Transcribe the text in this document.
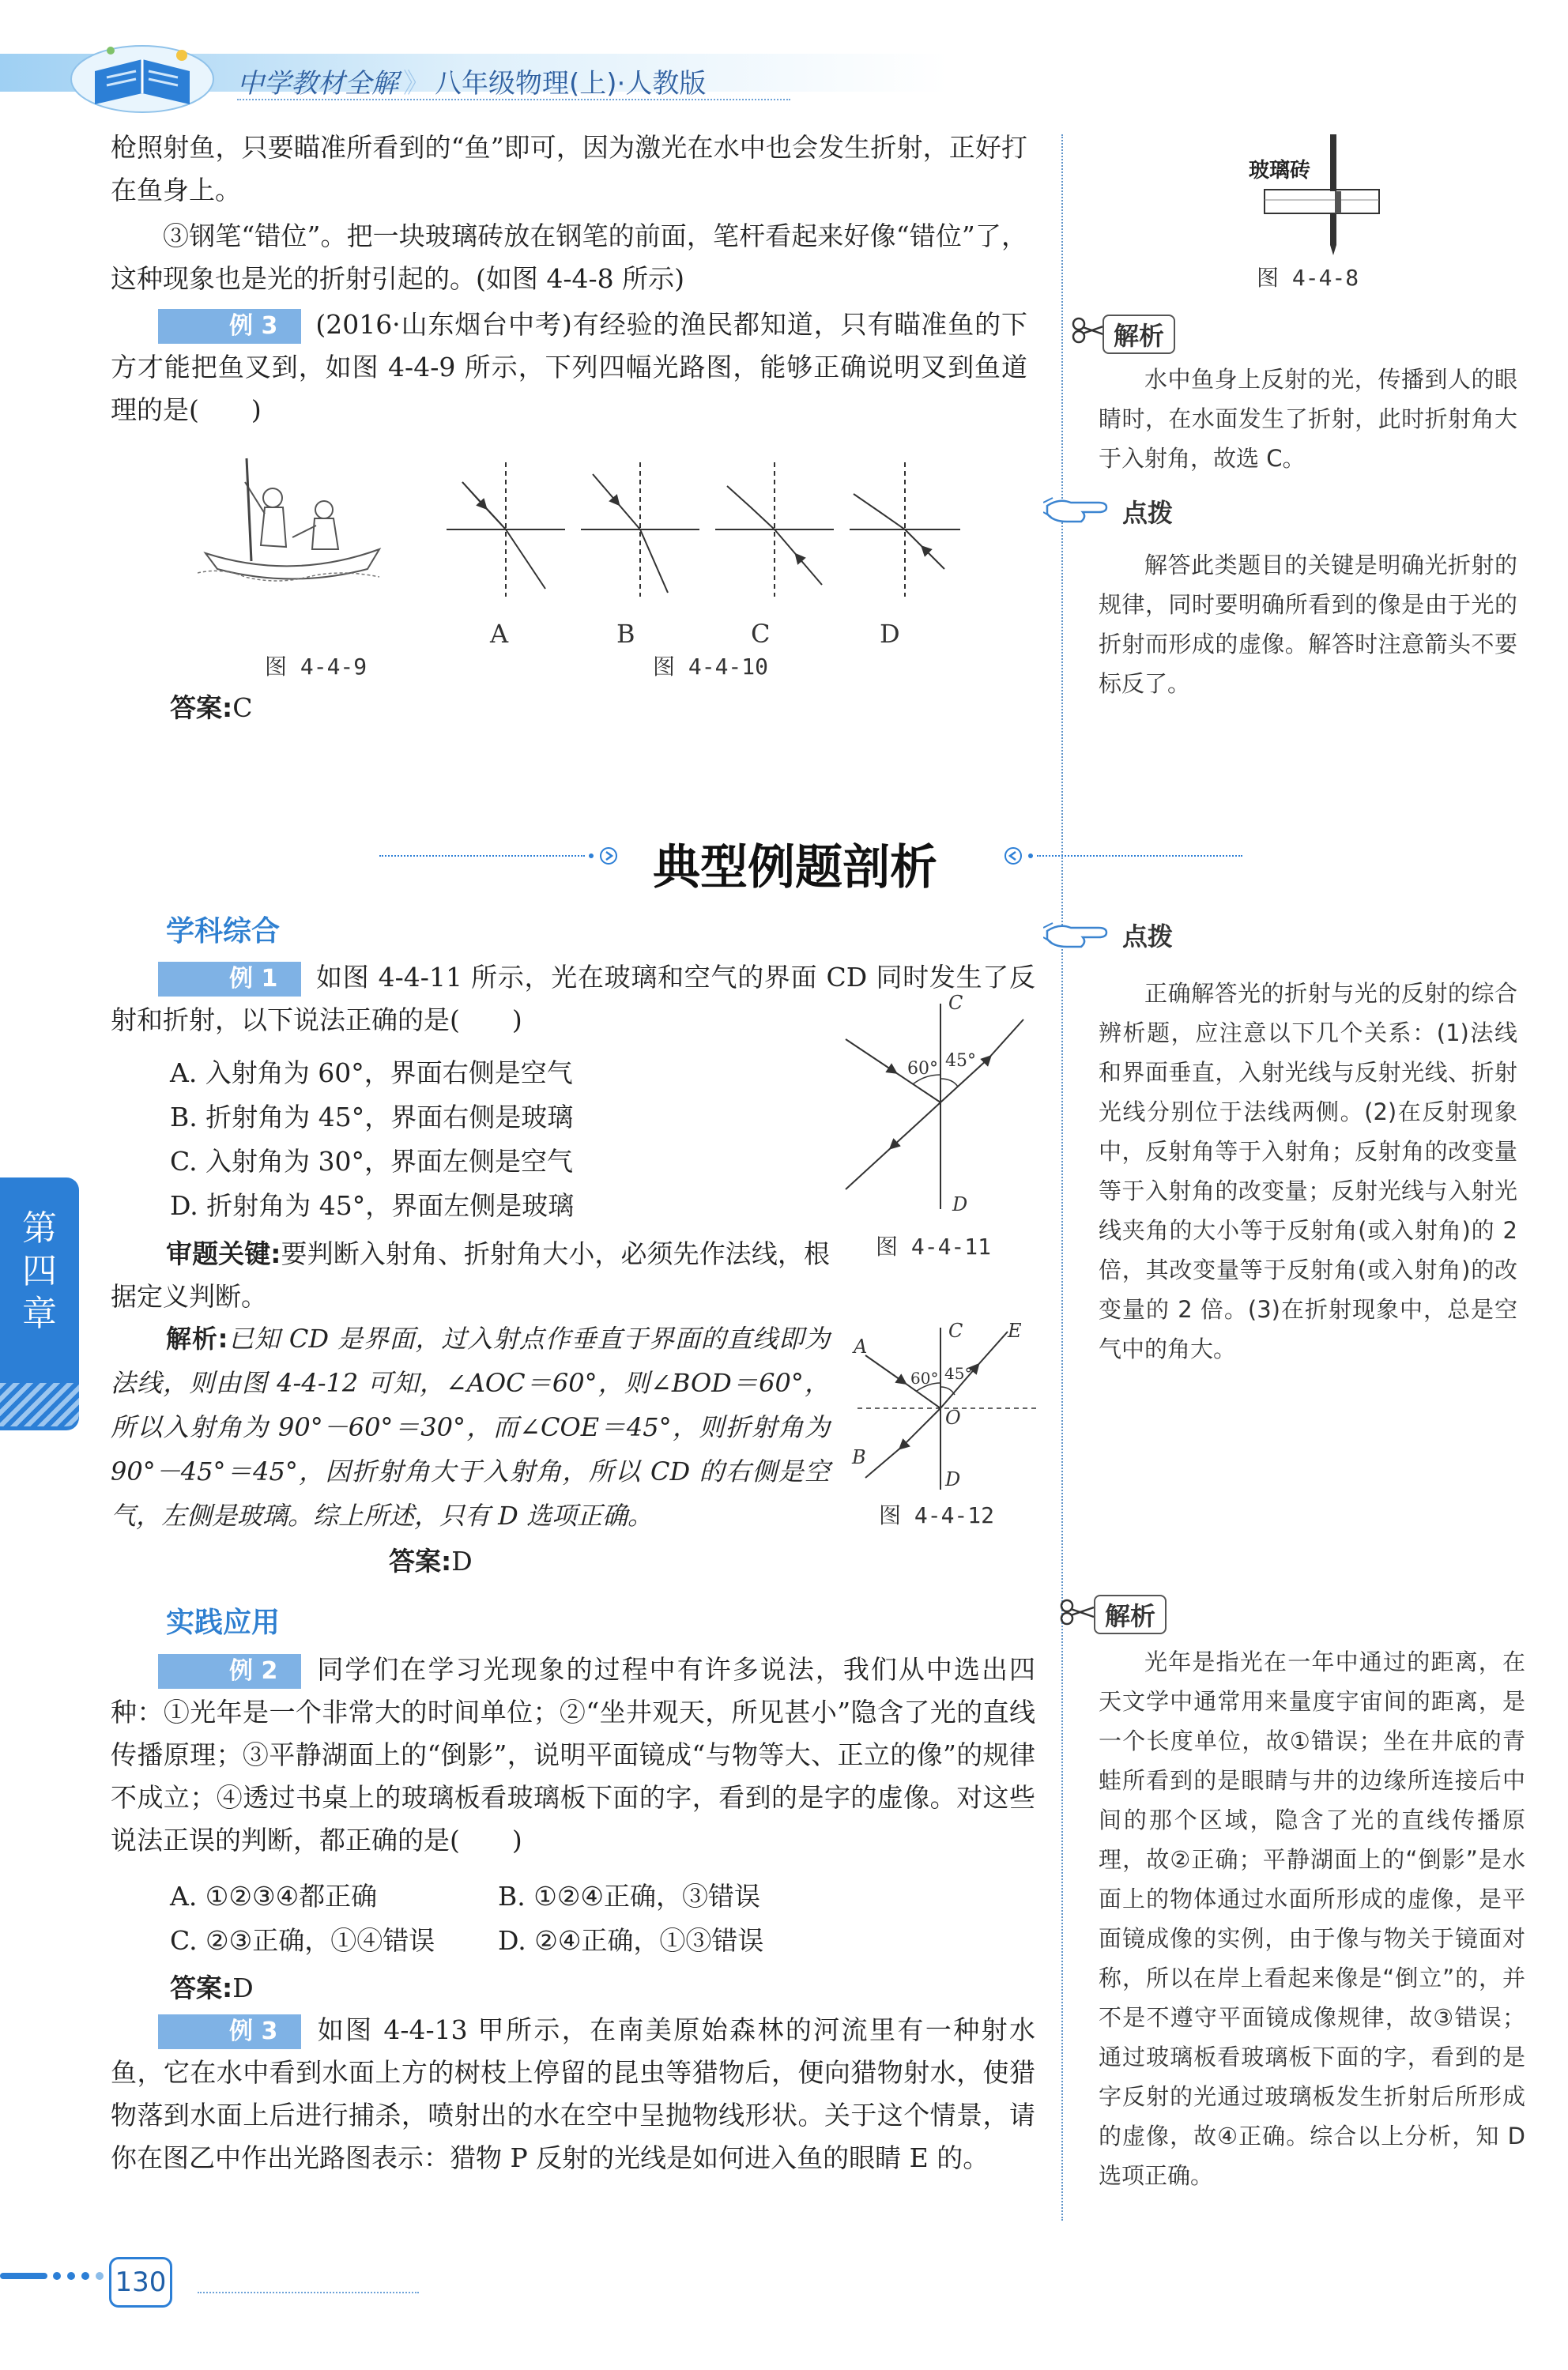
中学教材全解 》 八年级物理(上)·人教版
枪照射鱼，只要瞄准所看到的“鱼”即可，因为激光在水中也会发生折射，正好打在鱼身上。
③钢笔“错位”。把一块玻璃砖放在钢笔的前面，笔杆看起来好像“错位”了，这种现象也是光的折射引起的。(如图 4-4-8 所示)
例 3 (2016·山东烟台中考)有经验的渔民都知道，只有瞄准鱼的下方才能把鱼叉到，如图 4-4-9 所示，下列四幅光路图，能够正确说明叉到鱼道理的是(　　)
图 4-4-9
A	B	C	D
图 4-4-10
答案:C
玻璃砖
图 4-4-8
解析
水中鱼身上反射的光，传播到人的眼睛时，在水面发生了折射，此时折射角大于入射角，故选 C。
点拨
解答此类题目的关键是明确光折射的规律，同时要明确所看到的像是由于光的折射而形成的虚像。解答时注意箭头不要标反了。
典型例题剖析
学科综合
例 1 如图 4-4-11 所示，光在玻璃和空气的界面 CD 同时发生了反射和折射，以下说法正确的是(　　)
A. 入射角为 60°，界面右侧是空气
B. 折射角为 45°，界面右侧是玻璃
C. 入射角为 30°，界面左侧是空气
D. 折射角为 45°，界面左侧是玻璃
审题关键:要判断入射角、折射角大小，必须先作法线，根据定义判断。
解析:已知 CD 是界面，过入射点作垂直于界面的直线即为法线，则由图 4-4-12 可知，∠AOC＝60°，则∠BOD＝60°，所以入射角为 90°－60°＝30°，而∠COE＝45°，则折射角为 90°－45°＝45°，因折射角大于入射角，所以 CD 的右侧是空气，左侧是玻璃。综上所述，只有 D 选项正确。
答案:D
C
D
60° 45°
图 4-4-11
A
C E
O
B
D
60° 45°
图 4-4-12
实践应用
例 2 同学们在学习光现象的过程中有许多说法，我们从中选出四种：①光年是一个非常大的时间单位；②“坐井观天，所见甚小”隐含了光的直线传播原理；③平静湖面上的“倒影”，说明平面镜成“与物等大、正立的像”的规律不成立；④透过书桌上的玻璃板看玻璃板下面的字，看到的是字的虚像。对这些说法正误的判断，都正确的是(　　)
A. ①②③④都正确	B. ①②④正确，③错误
C. ②③正确，①④错误 D. ②④正确，①③错误
答案:D
例 3 如图 4-4-13 甲所示，在南美原始森林的河流里有一种射水鱼，它在水中看到水面上方的树枝上停留的昆虫等猎物后，便向猎物射水，使猎物落到水面上后进行捕杀，喷射出的水在空中呈抛物线形状。关于这个情景，请你在图乙中作出光路图表示：猎物 P 反射的光线是如何进入鱼的眼睛 E 的。
点拨
正确解答光的折射与光的反射的综合辨析题，应注意以下几个关系：(1)法线和界面垂直，入射光线与反射光线、折射光线分别位于法线两侧。(2)在反射现象中，反射角等于入射角；反射角的改变量等于入射角的改变量；反射光线与入射光线夹角的大小等于反射角(或入射角)的 2 倍，其改变量等于反射角(或入射角)的改变量的 2 倍。(3)在折射现象中，总是空气中的角大。
解析
光年是指光在一年中通过的距离，在天文学中通常用来量度宇宙间的距离，是一个长度单位，故①错误；坐在井底的青蛙所看到的是眼睛与井的边缘所连接后中间的那个区域，隐含了光的直线传播原理，故②正确；平静湖面上的“倒影”是水面上的物体通过水面所形成的虚像，是平面镜成像的实例，由于像与物关于镜面对称，所以在岸上看起来像是“倒立”的，并不是不遵守平面镜成像规律，故③错误；通过玻璃板看玻璃板下面的字，看到的是字反射的光通过玻璃板发生折射后所形成的虚像，故④正确。综合以上分析，知 D 选项正确。
第
四
章
130
